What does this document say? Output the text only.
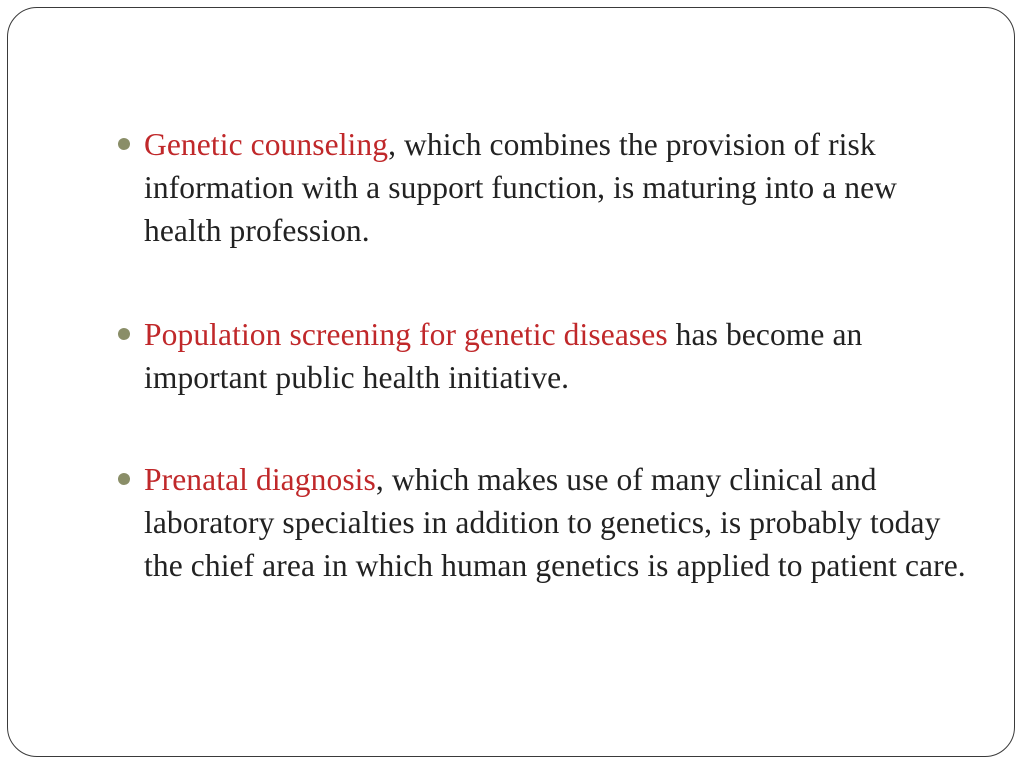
Genetic counseling, which combines the provision of risk information with a support function, is maturing into a new health profession.
Population screening for genetic diseases has become an important public health initiative.
Prenatal diagnosis, which makes use of many clinical and laboratory specialties in addition to genetics, is probably today the chief area in which human genetics is applied to patient care.
